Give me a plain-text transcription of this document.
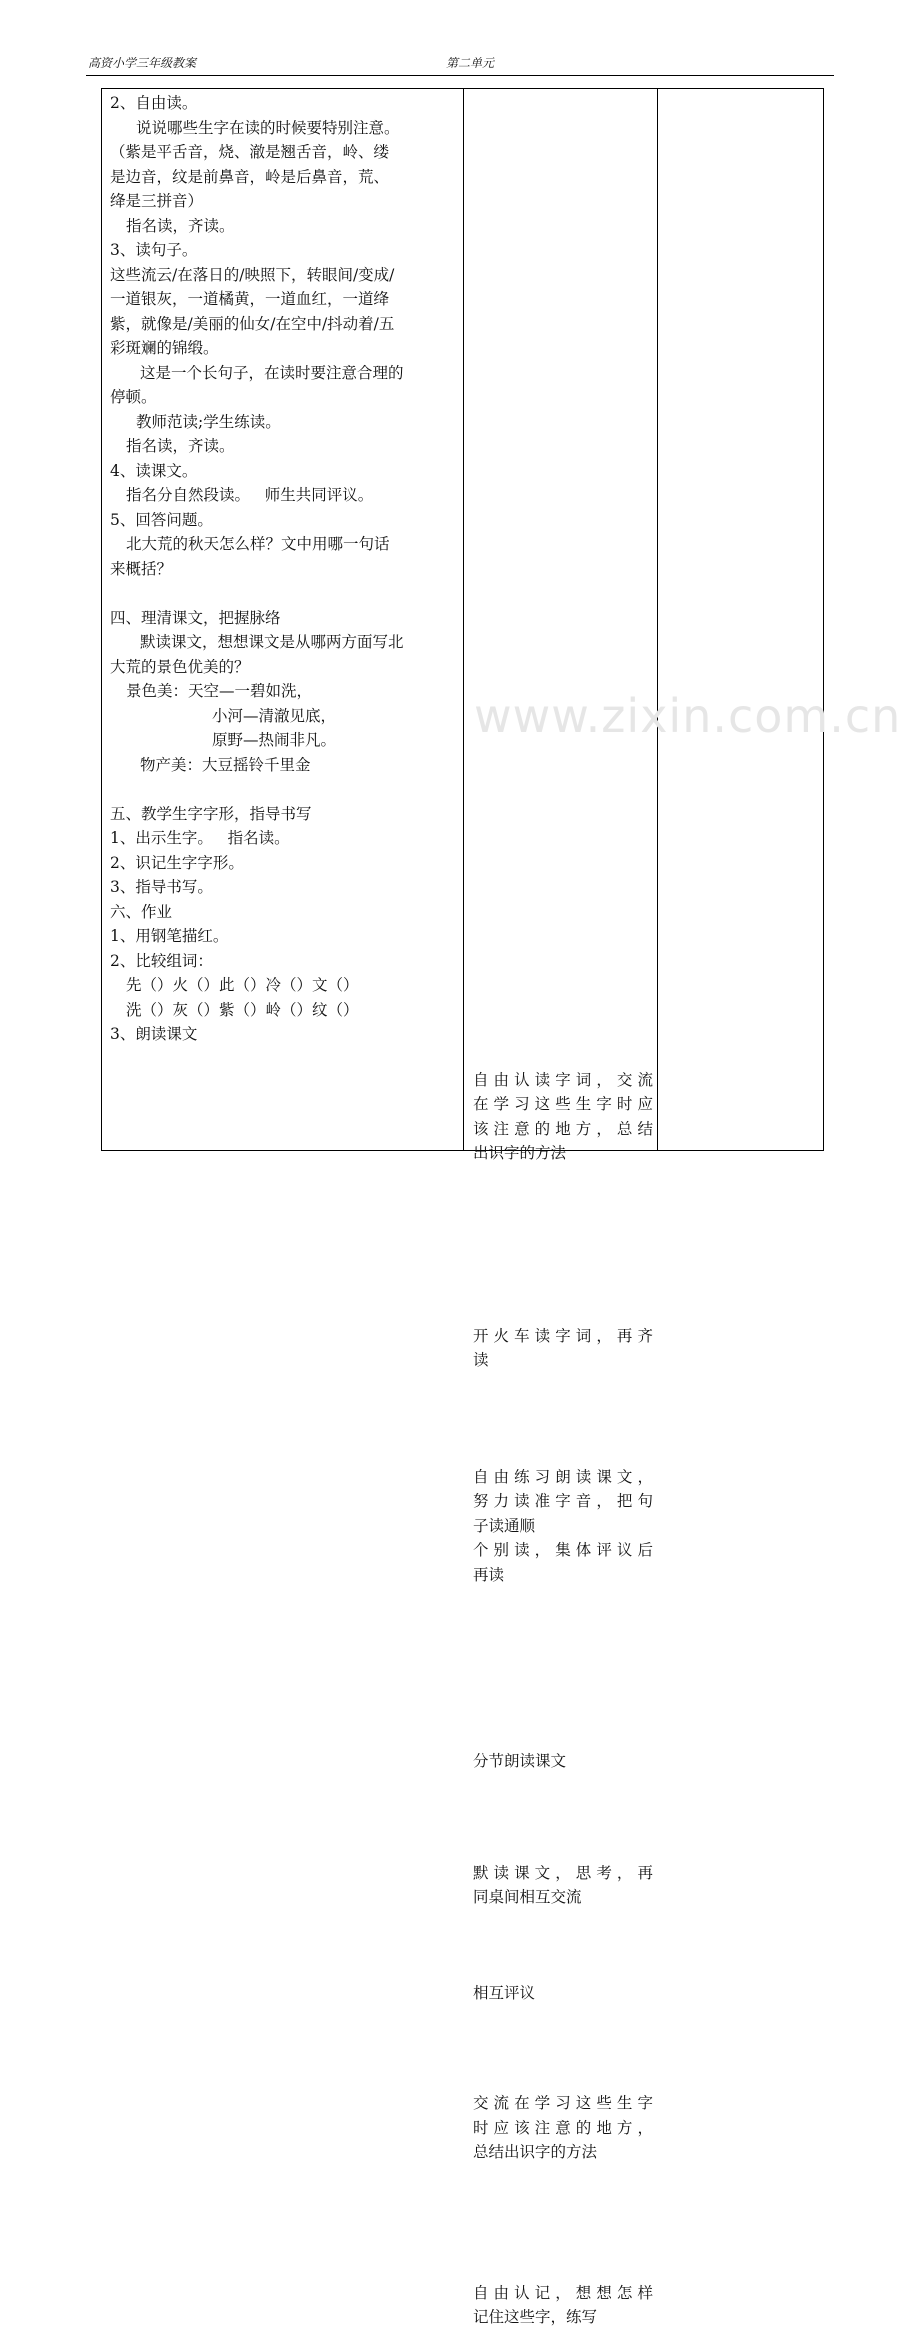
高资小学三年级教案	第二单元
www.zixin.com.cn
2、自由读。
说说哪些生字在读的时候要特别注意。
（紫是平舌音，烧、澈是翘舌音，岭、缕
是边音，纹是前鼻音，岭是后鼻音，荒、
绛是三拼音）
指名读，齐读。
3、读句子。
这些流云/在落日的/映照下，转眼间/变成/
一道银灰，一道橘黄，一道血红，一道绛
紫，就像是/美丽的仙女/在空中/抖动着/五
彩斑斓的锦缎。
这是一个长句子，在读时要注意合理的
停顿。
教师范读;学生练读。
指名读，齐读。
4、读课文。
指名分自然段读。   师生共同评议。
5、回答问题。
北大荒的秋天怎么样？文中用哪一句话
来概括？
四、理清课文，把握脉络
默读课文，想想课文是从哪两方面写北
大荒的景色优美的？
景色美：天空—一碧如洗，
小河—清澈见底，
原野—热闹非凡。
物产美：大豆摇铃千里金
五、教学生字字形，指导书写
1、出示生字。   指名读。
2、识记生字字形。
3、指导书写。
六、作业
1、用钢笔描红。
2、比较组词：
先（）火（）此（）冷（）文（）
洗（）灰（）紫（）岭（）纹（）
3、朗读课文
自由认读字词，交流
在学习这些生字时应
该注意的地方，总结
出识字的方法
开火车读字词，再齐
读
自由练习朗读课文，
努力读准字音，把句
子读通顺
个别读，集体评议后
再读
分节朗读课文
默读课文，思考，再
同桌间相互交流
相互评议
交流在学习这些生字
时应该注意的地方，
总结出识字的方法
自由认记，想想怎样
记住这些字，练写
